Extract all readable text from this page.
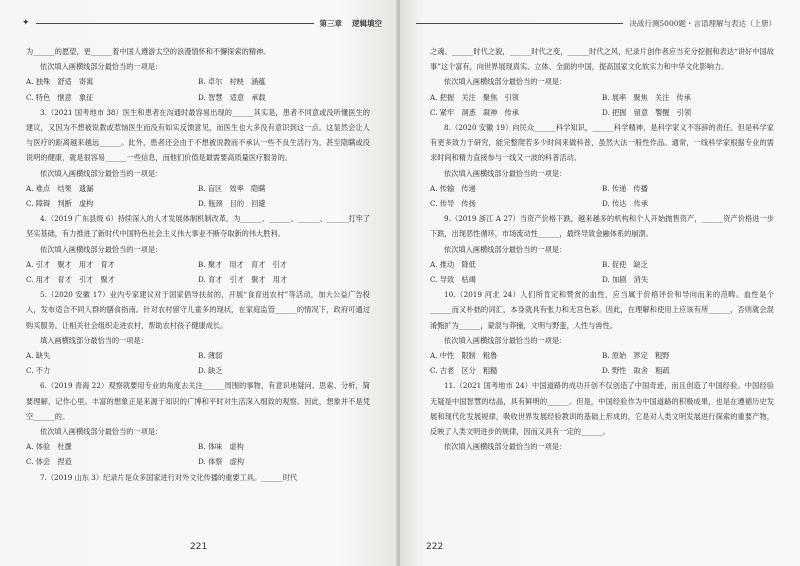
✦	第三章 逻辑填空

为______的愿望，更______着中国人遵游太空的浪漫情怀和不懈探索的精神。

依次填入画横线部分最恰当的一项是：

A. 独殊　舒适　寄寓	B. 卓尔　衬映　涵蕴
C. 特色　惬意　象征	D. 智慧　适意　承载

3.（2021 国考地市 38）医生和患者在沟通时最容易出现的______其实是，患者不同意或没听懂医生的建议，又因为不想被说教或惹恼医生而没有如实反馈意见，而医生也大多没有意识到这一点。这显然会让人与医疗的距离越来越远______。此外，患者还会由于不想被说教而不承认一些不良生活行为，甚至隐瞒或没说明的健康，就是很容易______一些信息，而他们价值是最需要高质量医疗服务的。

依次填入画横线部分最恰当的一项是：

A. 难点　结果　遗漏	B. 盲区　效率　隐瞒
C. 障碍　判断　虚构	D. 瓶颈　目的　回避

4.（2019 广东县级 6）持续深入的人才发展体制机制改革，为______、______、______、______打牢了坚实基础，有力推进了新时代中国特色社会主义伟大事业不断夺取新的伟大胜利。

依次填入画横线部分最恰当的一项是：

A. 引才　聚才　用才　育才	B. 聚才　用才　育才　引才
C. 用才　育才　引才　聚才	D. 育才　引才　聚才　用才

5.（2020 安徽 17）业内专家建议对于国家倡导扶贫的，开展“食育进农村”等活动，加大公益广告投入，发布适合不同人群的膳食指南。针对农村留守儿童多的现状，在家庭监管______的情况下，政府可通过购买服务，让相关社会组织走进农村，帮助农村孩子健康成长。

填入画横线部分最恰当的一项是：

A. 缺失	B. 薄弱
C. 不力	D. 缺乏

6.（2019 青海 22）观察就要用专业的角度去关注______周围的事物，有意识地疑问、思索、分析，简要理解，记作心里。丰富的想象正是来源于知识的广博和平时对生活深入细致的观察。因此，想象并不是凭空______的。

依次填入画横线部分最恰当的一项是：

A. 体验　杜撰	B. 体味　虚构
C. 体会　捏造	D. 体察　虚构

7.（2019 山东 3）纪录片是众多国家进行对外文化传播的重要工具。______时代

221
决战行测5000题・言语理解与表达（上册）

之魂、______时代之貌，______时代之变，______时代之风，纪录片创作者应当充分挖掘和表达“讲好中国故事”这个富有，向世界展现真实、立体、全面的中国，提高国家文化软实力和中华文化影响力。

依次填入画横线部分最恰当的一项是：

A. 把握　关注　聚焦　引领	B. 展率　聚焦　关注　传承
C. 紧牢　洞悉　凝神　传承	D. 把握　留意　警醒　引领

8.（2020 安徽 19）向民众______科学知识，______科学精神，是科学家义不容辞的责任。但是科学家有更多致力于研究，能完整爬若多少时间来做科普，虽然大法一般性作品。通常，一线科学家根据专业的需求时间和精力直接参与一线又一波的科普活动。

依次填入画横线部分最恰当的一项是：

A. 传输　传递	B. 传递　传播
C. 传导　传扬	D. 传达　传承

9.（2019 浙江 A 27）当资产价格下跌，越来越多的机构和个人开始抛售资产，______资产价格进一步下跌，出现恶性循环，市场流动性______，最终导致金融体系的崩溃。

依次填入画横线部分最恰当的一项是：

A. 推动　降低	B. 促使　缺乏
C. 导致　枯竭	D. 加剧　消失

10.（2019 河北 24）人们所肯定和赞赏的血性，应当属于价格评价和导向而来的范畴。血性是个______而又朴拙的词汇，本身就具有张力和无宫色彩。因此，在理解和使用上应该有所______，否则就会混淆甄扩为______，蒙混与莽撞，文明与野蛮，人性与兽性。

依次填入画横线部分最恰当的一项是：

A. 中性　限制　粗鲁	B. 原始　界定　粗野
C. 古老　区分　粗糙	D. 野性　取舍　粗疏

11.（2021 国考地市 24）中国道路的成功开创不仅创造了中国奇迹，而且创造了中国经验。中国经验无疑是中国智慧的结晶，具有鲜明的______。但是，中国经验作为中国道路的积极成果，也是在遵循历史发展和现代化发展规律，吸收世界发展经验教训的基础上形成的，它是对人类文明发展进行探索的重要产物，反映了人类文明进步的规律，因而又具有一定的______。

依次填入画横线部分最恰当的一项是：

222
